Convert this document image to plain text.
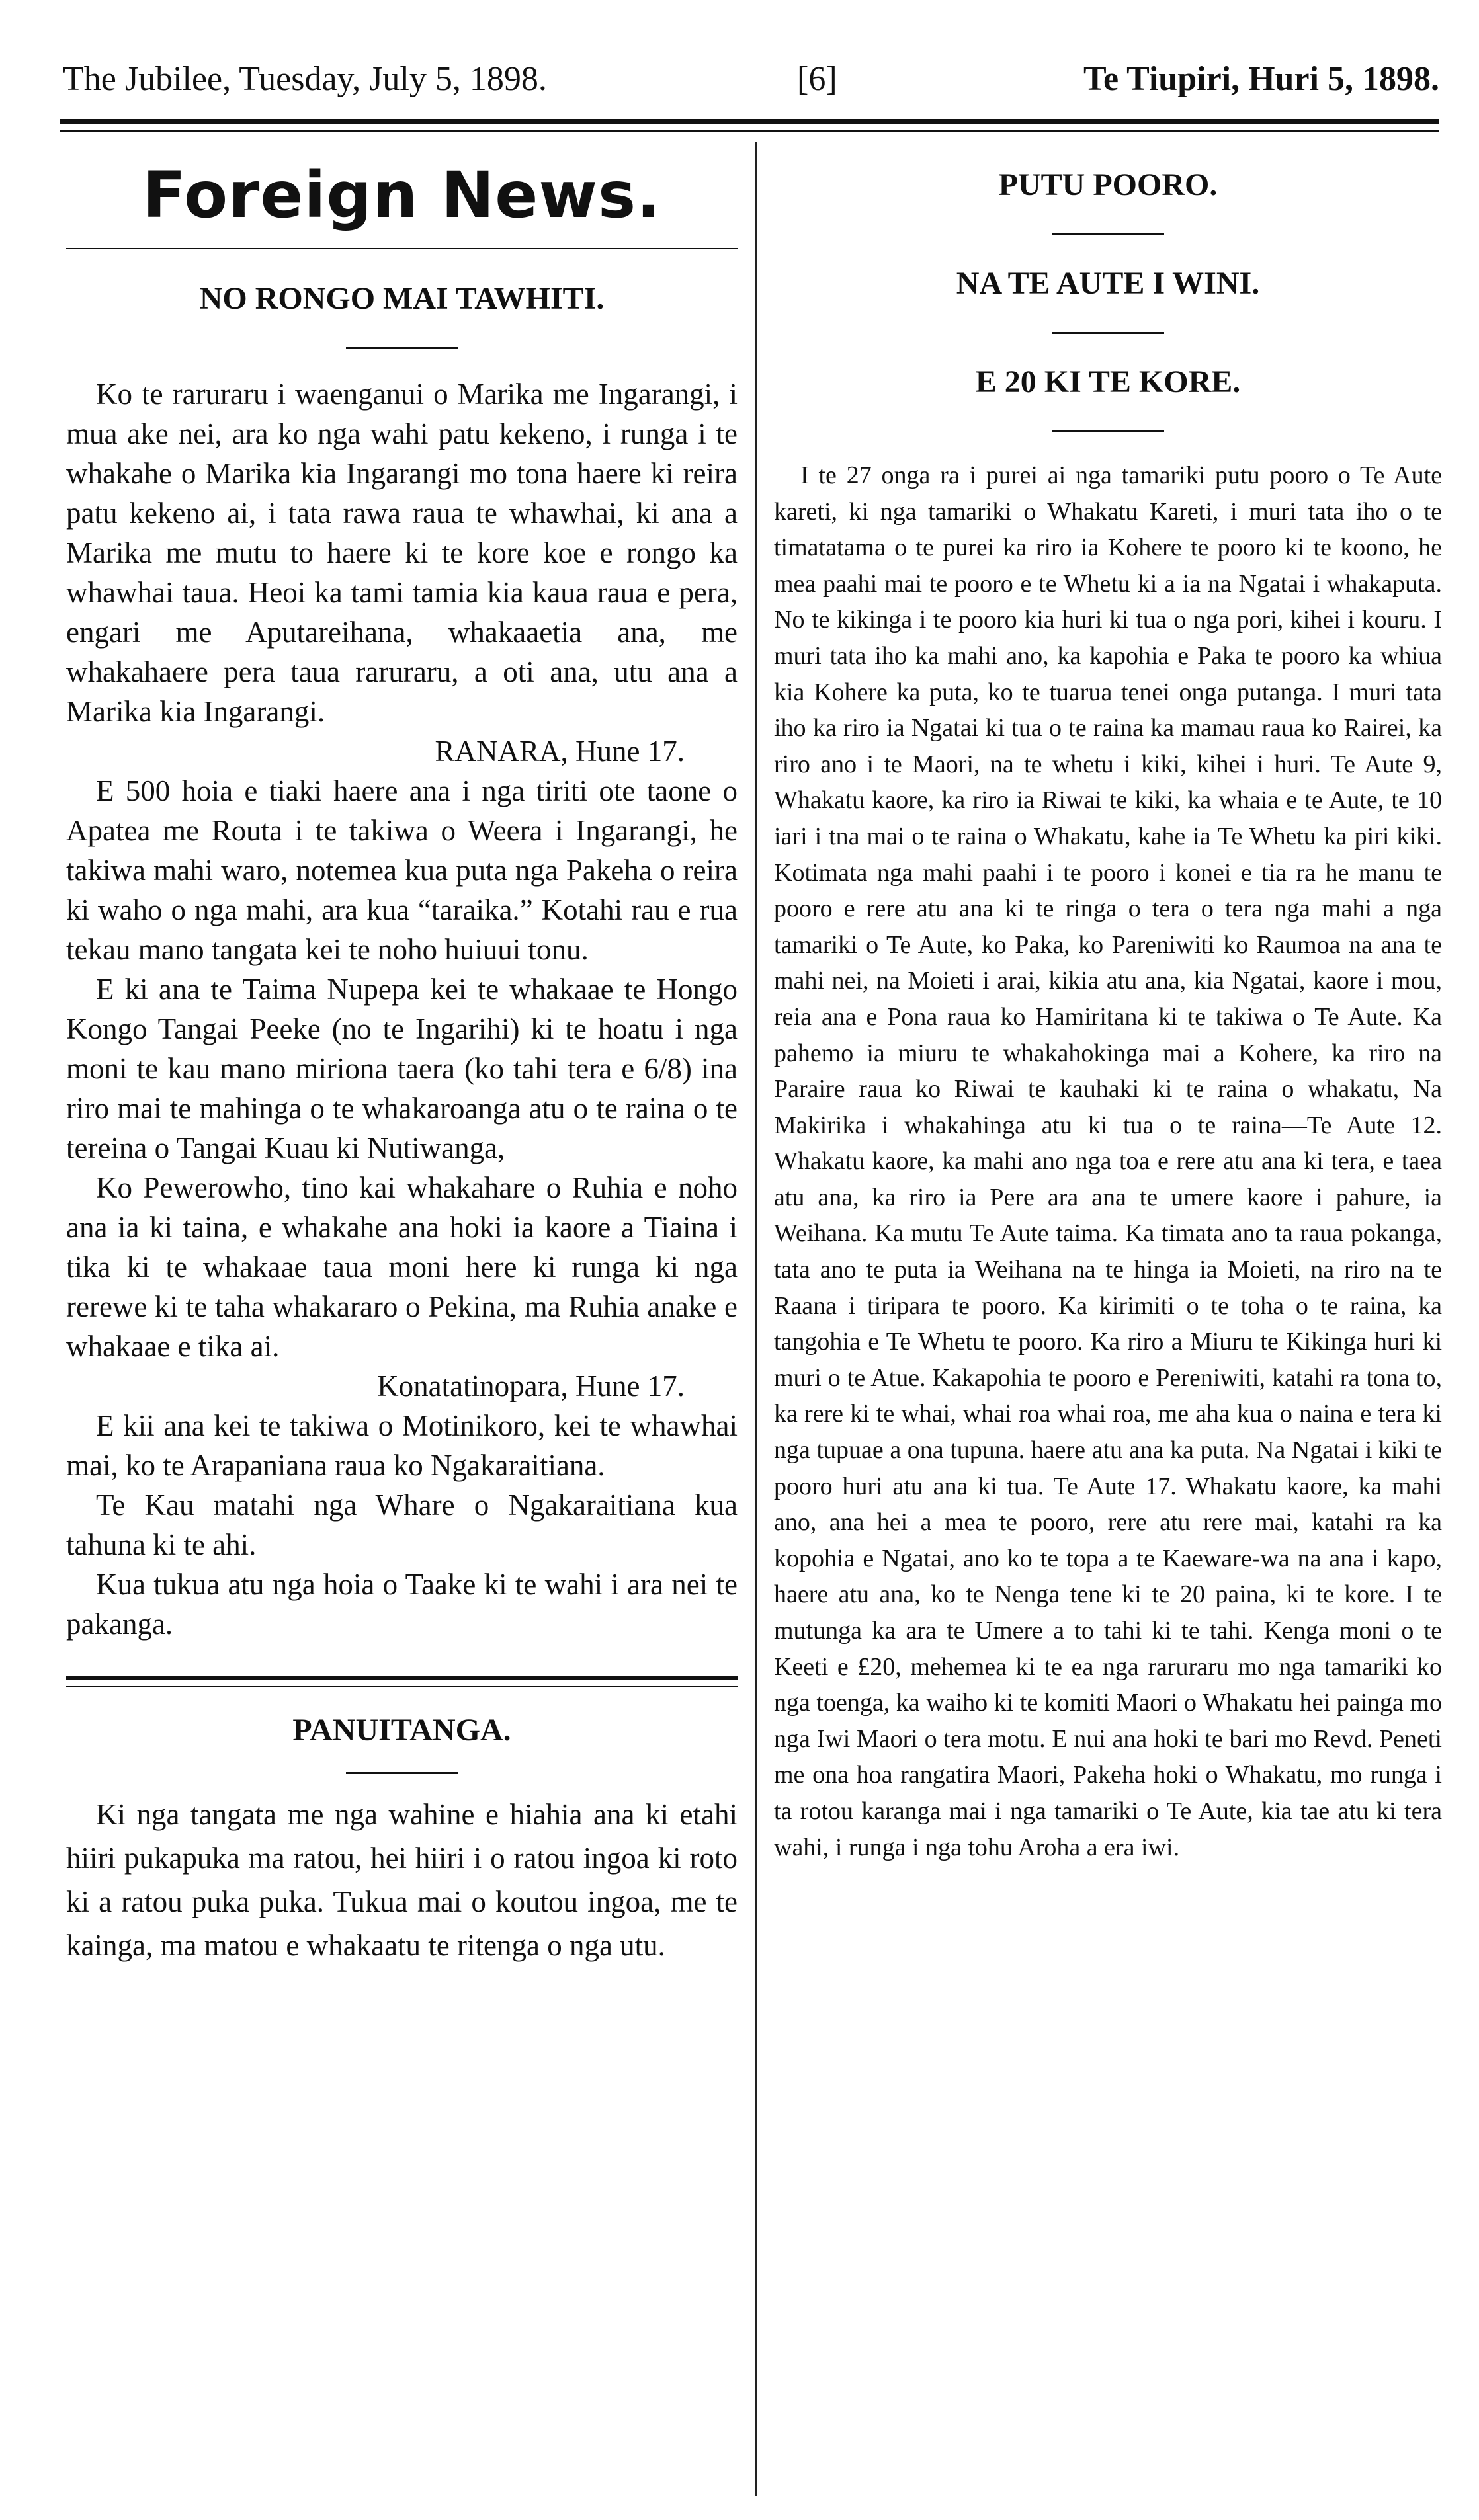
The Jubilee, Tuesday, July 5, 1898.	[6]	Te Tiupiri, Huri 5, 1898.
Foreign News.
NO RONGO MAI TAWHITI.

Ko te raruraru i waenganui o Marika me Ingarangi, i mua ake nei, ara ko nga wahi patu kekeno, i runga i te whakahe o Marika kia Ingarangi mo tona haere ki reira patu kekeno ai, i tata rawa raua te whawhai, ki ana a Marika me mutu to haere ki te kore koe e rongo ka whawhai taua. Heoi ka tami tamia kia kaua raua e pera, engari me Aputareihana, whakaaetia ana, me whakahaere pera taua raruraru, a oti ana, utu ana a Marika kia Ingarangi.

RANARA, Hune 17.

E 500 hoia e tiaki haere ana i nga tiriti ote taone o Apatea me Routa i te takiwa o Weera i Ingarangi, he takiwa mahi waro, notemea kua puta nga Pakeha o reira ki waho o nga mahi, ara kua “taraika.” Kotahi rau e rua tekau mano tangata kei te noho huiuui tonu.

E ki ana te Taima Nupepa kei te whakaae te Hongo Kongo Tangai Peeke (no te Ingarihi) ki te hoatu i nga moni te kau mano miriona taera (ko tahi tera e 6/8) ina riro mai te mahinga o te whakaroanga atu o te raina o te tereina o Tangai Kuau ki Nutiwanga,

Ko Pewerowho, tino kai whakahare o Ruhia e noho ana ia ki taina, e whakahe ana hoki ia kaore a Tiaina i tika ki te whakaae taua moni here ki runga ki nga rerewe ki te taha whakararo o Pekina, ma Ruhia anake e whakaae e tika ai.

Konatatinopara, Hune 17.

E kii ana kei te takiwa o Motinikoro, kei te whawhai mai, ko te Arapaniana raua ko Ngakaraitiana.

Te Kau matahi nga Whare o Ngakaraitiana kua tahuna ki te ahi.

Kua tukua atu nga hoia o Taake ki te wahi i ara nei te pakanga.

PANUITANGA.

Ki nga tangata me nga wahine e hiahia ana ki etahi hiiri pukapuka ma ratou, hei hiiri i o ratou ingoa ki roto ki a ratou puka puka. Tukua mai o koutou ingoa, me te kainga, ma matou e whakaatu te ritenga o nga utu.

PUTU POORO.
NA TE AUTE I WINI.
E 20 KI TE KORE.

I te 27 onga ra i purei ai nga tamariki putu pooro o Te Aute kareti, ki nga tamariki o Whakatu Kareti, i muri tata iho o te timatatama o te purei ka riro ia Kohere te pooro ki te koono, he mea paahi mai te pooro e te Whetu ki a ia na Ngatai i whakaputa. No te kikinga i te pooro kia huri ki tua o nga pori, kihei i kouru. I muri tata iho ka mahi ano, ka kapohia e Paka te pooro ka whiua kia Kohere ka puta, ko te tuarua tenei onga putanga. I muri tata iho ka riro ia Ngatai ki tua o te raina ka mamau raua ko Rairei, ka riro ano i te Maori, na te whetu i kiki, kihei i huri. Te Aute 9, Whakatu kaore, ka riro ia Riwai te kiki, ka whaia e te Aute, te 10 iari i tna mai o te raina o Whakatu, kahe ia Te Whetu ka piri kiki. Kotimata nga mahi paahi i te pooro i konei e tia ra he manu te pooro e rere atu ana ki te ringa o tera o tera nga mahi a nga tamariki o Te Aute, ko Paka, ko Pareniwiti ko Raumoa na ana te mahi nei, na Moieti i arai, kikia atu ana, kia Ngatai, kaore i mou, reia ana e Pona raua ko Hamiritana ki te takiwa o Te Aute. Ka pahemo ia miuru te whakahokinga mai a Kohere, ka riro na Paraire raua ko Riwai te kauhaki ki te raina o whakatu, Na Makirika i whakahinga atu ki tua o te raina—Te Aute 12. Whakatu kaore, ka mahi ano nga toa e rere atu ana ki tera, e taea atu ana, ka riro ia Pere ara ana te umere kaore i pahure, ia Weihana. Ka mutu Te Aute taima. Ka timata ano ta raua pokanga, tata ano te puta ia Weihana na te hinga ia Moieti, na riro na te Raana i tiripara te pooro. Ka kirimiti o te toha o te raina, ka tangohia e Te Whetu te pooro. Ka riro a Miuru te Kikinga huri ki muri o te Atue. Kakapohia te pooro e Pereniwiti, katahi ra tona to, ka rere ki te whai, whai roa whai roa, me aha kua o naina e tera ki nga tupuae a ona tupuna. haere atu ana ka puta. Na Ngatai i kiki te pooro huri atu ana ki tua. Te Aute 17. Whakatu kaore, ka mahi ano, ana hei a mea te pooro, rere atu rere mai, katahi ra ka kopohia e Ngatai, ano ko te topa a te Kaeware-wa na ana i kapo, haere atu ana, ko te Nenga tene ki te 20 paina, ki te kore. I te mutunga ka ara te Umere a to tahi ki te tahi. Kenga moni o te Keeti e £20, mehemea ki te ea nga raruraru mo nga tamariki ko nga toenga, ka waiho ki te komiti Maori o Whakatu hei painga mo nga Iwi Maori o tera motu. E nui ana hoki te bari mo Revd. Peneti me ona hoa rangatira Maori, Pakeha hoki o Whakatu, mo runga i ta rotou karanga mai i nga tamariki o Te Aute, kia tae atu ki tera wahi, i runga i nga tohu Aroha a era iwi.
